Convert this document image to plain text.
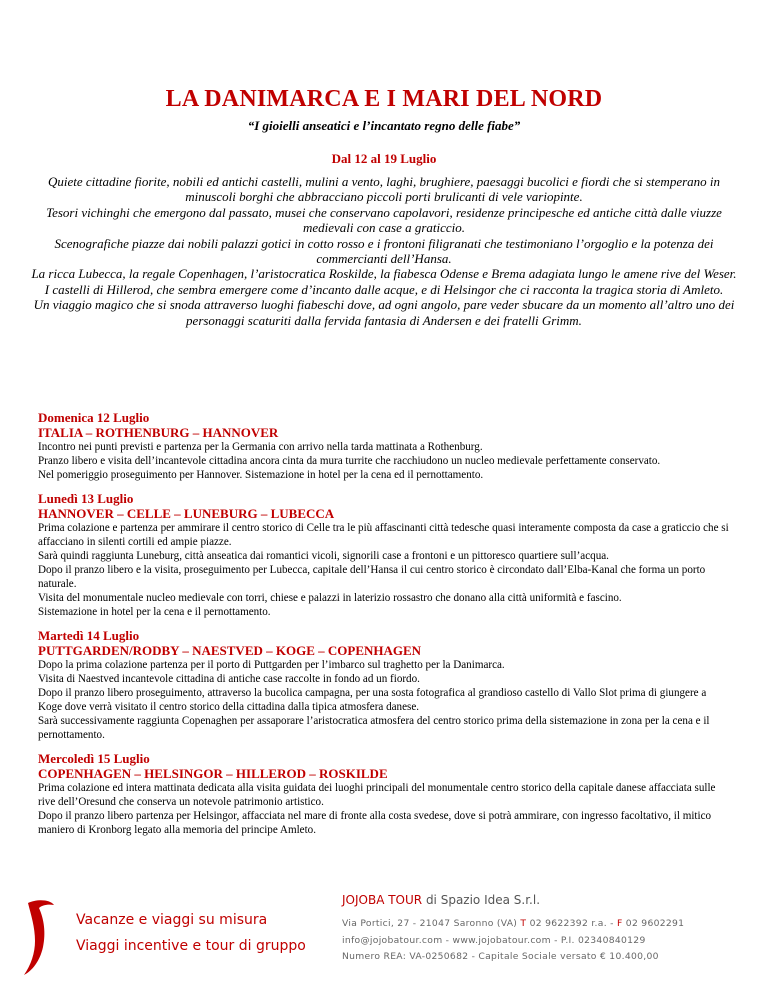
LA DANIMARCA E I MARI DEL NORD
“I gioielli anseatici e l’incantato regno delle fiabe”
Dal 12 al 19 Luglio

Quiete cittadine fiorite, nobili ed antichi castelli, mulini a vento, laghi, brughiere, paesaggi bucolici e fiordi che si stemperano in minuscoli borghi che abbracciano piccoli porti brulicanti di vele variopinte.

Tesori vichinghi che emergono dal passato, musei che conservano capolavori, residenze principesche ed antiche città dalle viuzze medievali con case a graticcio.

Scenografiche piazze dai nobili palazzi gotici in cotto rosso e i frontoni filigranati che testimoniano l’orgoglio e la potenza dei commercianti dell’Hansa.

La ricca Lubecca, la regale Copenhagen, l’aristocratica Roskilde, la fiabesca Odense e Brema adagiata lungo le amene rive del Weser.

I castelli di Hillerod, che sembra emergere come d’incanto dalle acque, e di Helsingor che ci racconta la tragica storia di Amleto.

Un viaggio magico che si snoda attraverso luoghi fiabeschi dove, ad ogni angolo, pare veder sbucare da un momento all’altro uno dei personaggi scaturiti dalla fervida fantasia di Andersen e dei fratelli Grimm.

Domenica 12 Luglio
ITALIA – ROTHENBURG – HANNOVER

Incontro nei punti previsti e partenza per la Germania con arrivo nella tarda mattinata a Rothenburg.

Pranzo libero e visita dell’incantevole cittadina ancora cinta da mura turrite che racchiudono un nucleo medievale perfettamente conservato.

Nel pomeriggio proseguimento per Hannover. Sistemazione in hotel per la cena ed il pernottamento.

Lunedì 13 Luglio
HANNOVER – CELLE – LUNEBURG – LUBECCA

Prima colazione e partenza per ammirare il centro storico di Celle tra le più affascinanti città tedesche quasi interamente composta da case a graticcio che si affacciano in silenti cortili ed ampie piazze.

Sarà quindi raggiunta Luneburg, città anseatica dai romantici vicoli, signorili case a frontoni e un pittoresco quartiere sull’acqua.

Dopo il pranzo libero e la visita, proseguimento per Lubecca, capitale dell’Hansa il cui centro storico è circondato dall’Elba-Kanal che forma un porto naturale.

Visita del monumentale nucleo medievale con torri, chiese e palazzi in laterizio rossastro che donano alla città uniformità e fascino.

Sistemazione in hotel per la cena e il pernottamento.

Martedì 14 Luglio
PUTTGARDEN/RODBY – NAESTVED – KOGE – COPENHAGEN

Dopo la prima colazione partenza per il porto di Puttgarden per l’imbarco sul traghetto per la Danimarca.

Visita di Naestved incantevole cittadina di antiche case raccolte in fondo ad un fiordo.

Dopo il pranzo libero proseguimento, attraverso la bucolica campagna, per una sosta fotografica al grandioso castello di Vallo Slot prima di giungere a Koge dove verrà visitato il centro storico della cittadina dalla tipica atmosfera danese.

Sarà successivamente raggiunta Copenaghen per assaporare l’aristocratica atmosfera del centro storico prima della sistemazione in zona per la cena e il pernottamento.

Mercoledì 15 Luglio
COPENHAGEN – HELSINGOR – HILLEROD – ROSKILDE

Prima colazione ed intera mattinata dedicata alla visita guidata dei luoghi principali del monumentale centro storico della capitale danese affacciata sulle rive dell’Oresund che conserva un notevole patrimonio artistico.

Dopo il pranzo libero partenza per Helsingor, affacciata nel mare di fronte alla costa svedese, dove si potrà ammirare, con ingresso facoltativo, il mitico maniero di Kronborg legato alla memoria del principe Amleto.

Vacanze e viaggi su misura
Viaggi incentive e tour di gruppo
JOJOBA TOUR di Spazio Idea S.r.l.
Via Portici, 27 - 21047 Saronno (VA) T 02 9622392 r.a. - F 02 9602291
info@jojobatour.com - www.jojobatour.com - P.I. 02340840129
Numero REA: VA-0250682 - Capitale Sociale versato € 10.400,00
